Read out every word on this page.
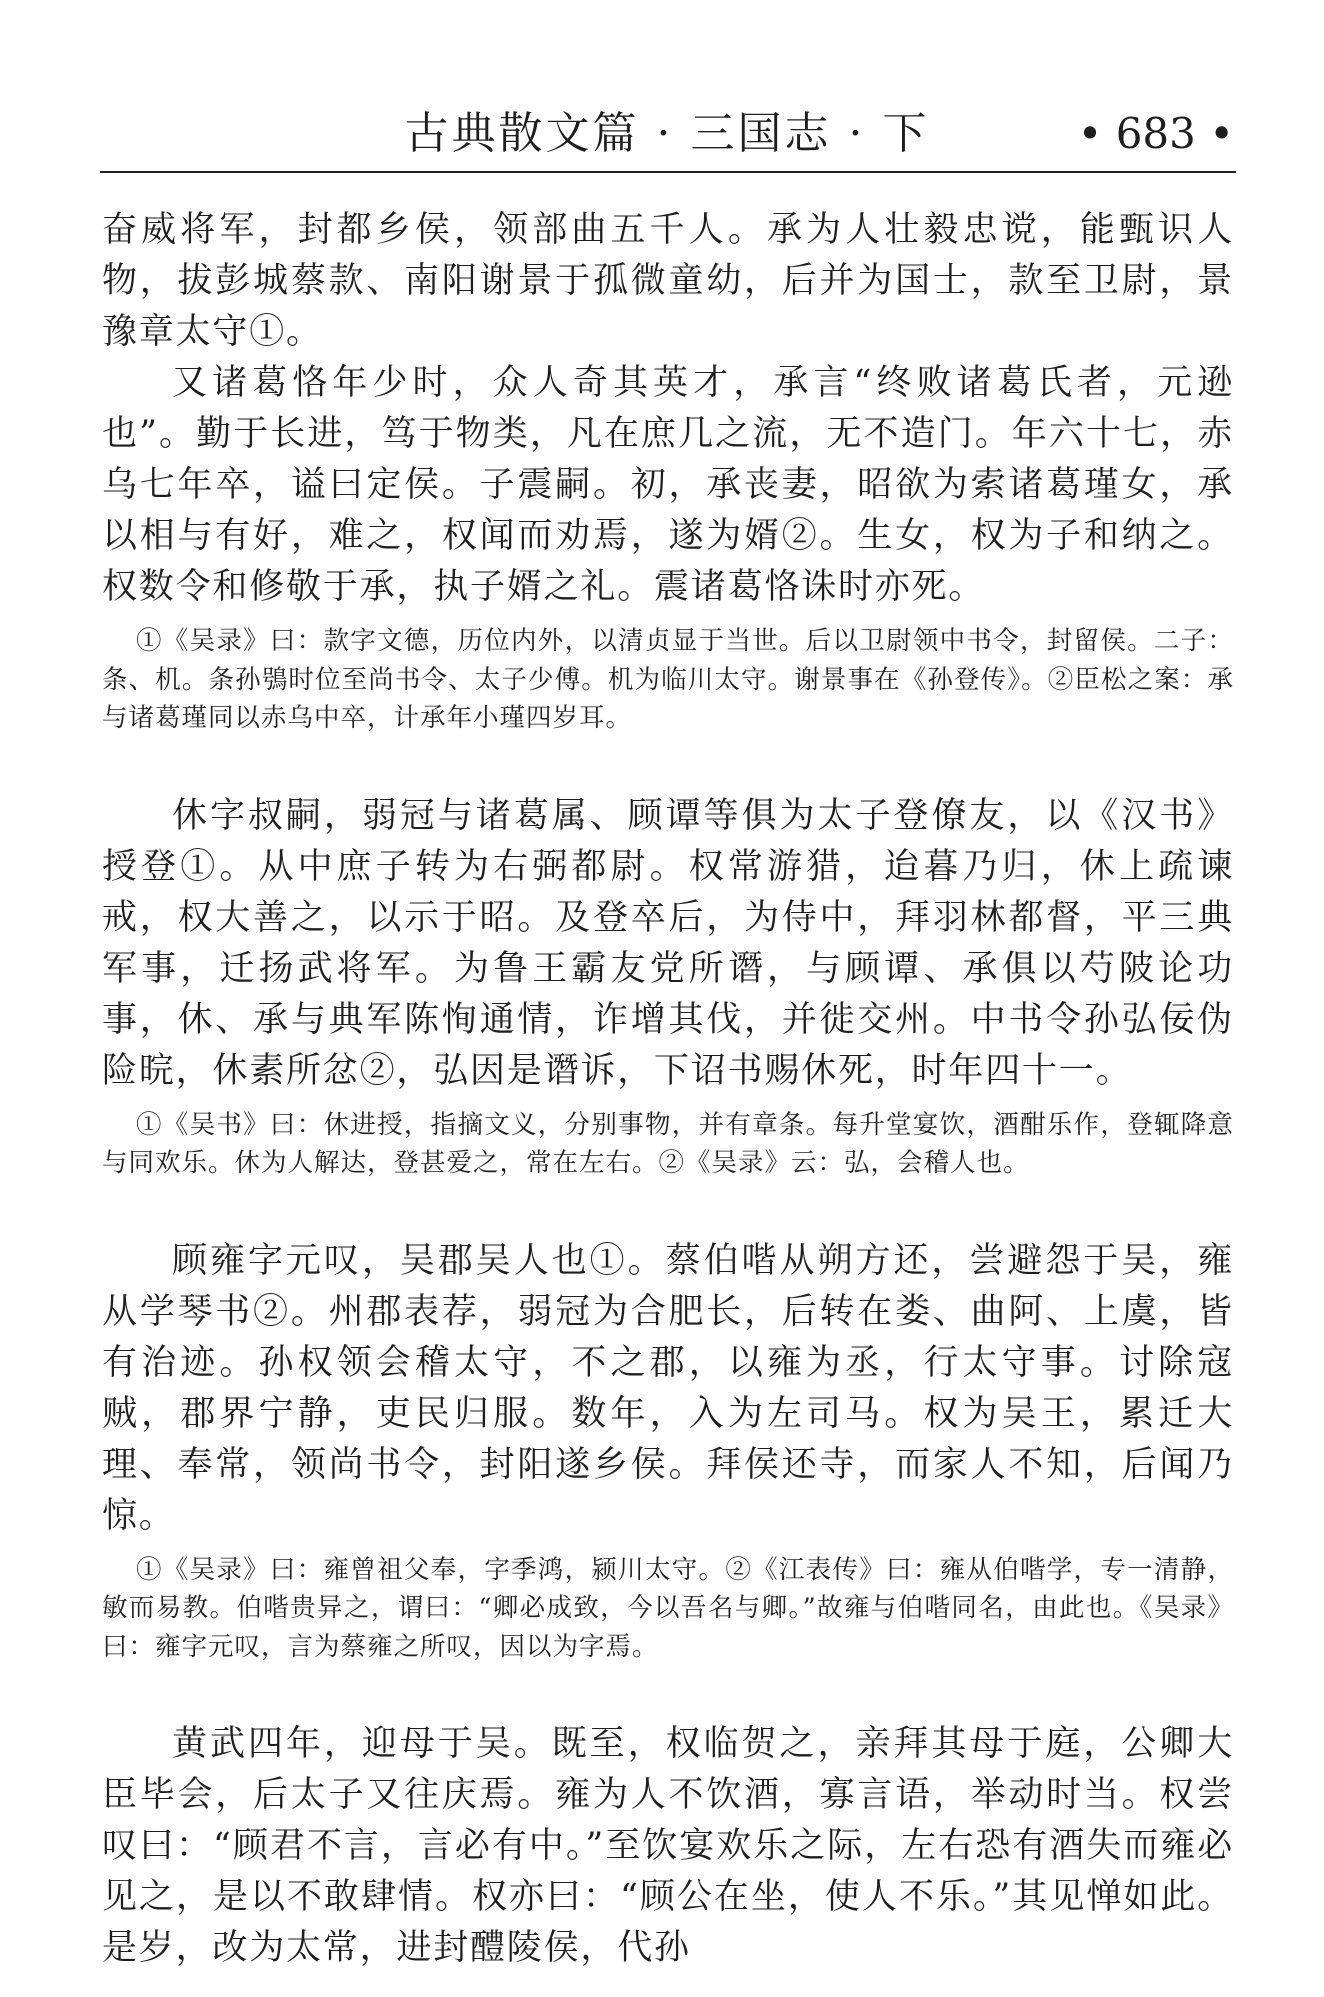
古典散文篇 · 三国志 · 下	• 683 •

奋威将军，封都乡侯，领部曲五千人。承为人壮毅忠谠，能甄识人物，拔彭城蔡款、南阳谢景于孤微童幼，后并为国士，款至卫尉，景豫章太守①。

又诸葛恪年少时，众人奇其英才，承言“终败诸葛氏者，元逊也”。勤于长进，笃于物类，凡在庶几之流，无不造门。年六十七，赤乌七年卒，谥曰定侯。子震嗣。初，承丧妻，昭欲为索诸葛瑾女，承以相与有好，难之，权闻而劝焉，遂为婿②。生女，权为子和纳之。权数令和修敬于承，执子婿之礼。震诸葛恪诛时亦死。

①《吴录》曰：款字文德，历位内外，以清贞显于当世。后以卫尉领中书令，封留侯。二子：条、机。条孙鴞时位至尚书令、太子少傅。机为临川太守。谢景事在《孙登传》。②臣松之案：承与诸葛瑾同以赤乌中卒，计承年小瑾四岁耳。

休字叔嗣，弱冠与诸葛属、顾谭等俱为太子登僚友，以《汉书》授登①。从中庶子转为右弼都尉。权常游猎，迨暮乃归，休上疏谏戒，权大善之，以示于昭。及登卒后，为侍中，拜羽林都督，平三典军事，迁扬武将军。为鲁王霸友党所谮，与顾谭、承俱以芍陂论功事，休、承与典军陈恂通情，诈增其伐，并徙交州。中书令孙弘佞伪险晥，休素所忿②，弘因是谮诉，下诏书赐休死，时年四十一。

①《吴书》曰：休进授，指摘文义，分别事物，并有章条。每升堂宴饮，酒酣乐作，登辄降意与同欢乐。休为人解达，登甚爱之，常在左右。②《吴录》云：弘，会稽人也。

顾雍字元叹，吴郡吴人也①。蔡伯喈从朔方还，尝避怨于吴，雍从学琴书②。州郡表荐，弱冠为合肥长，后转在娄、曲阿、上虞，皆有治迹。孙权领会稽太守，不之郡，以雍为丞，行太守事。讨除寇贼，郡界宁静，吏民归服。数年，入为左司马。权为吴王，累迁大理、奉常，领尚书令，封阳遂乡侯。拜侯还寺，而家人不知，后闻乃惊。

①《吴录》曰：雍曾祖父奉，字季鸿，颍川太守。②《江表传》曰：雍从伯喈学，专一清静，敏而易教。伯喈贵异之，谓曰：“卿必成致，今以吾名与卿。”故雍与伯喈同名，由此也。《吴录》曰：雍字元叹，言为蔡雍之所叹，因以为字焉。

黄武四年，迎母于吴。既至，权临贺之，亲拜其母于庭，公卿大臣毕会，后太子又往庆焉。雍为人不饮酒，寡言语，举动时当。权尝叹曰：“顾君不言，言必有中。”至饮宴欢乐之际，左右恐有酒失而雍必见之，是以不敢肆情。权亦曰：“顾公在坐，使人不乐。”其见惮如此。是岁，改为太常，进封醴陵侯，代孙
